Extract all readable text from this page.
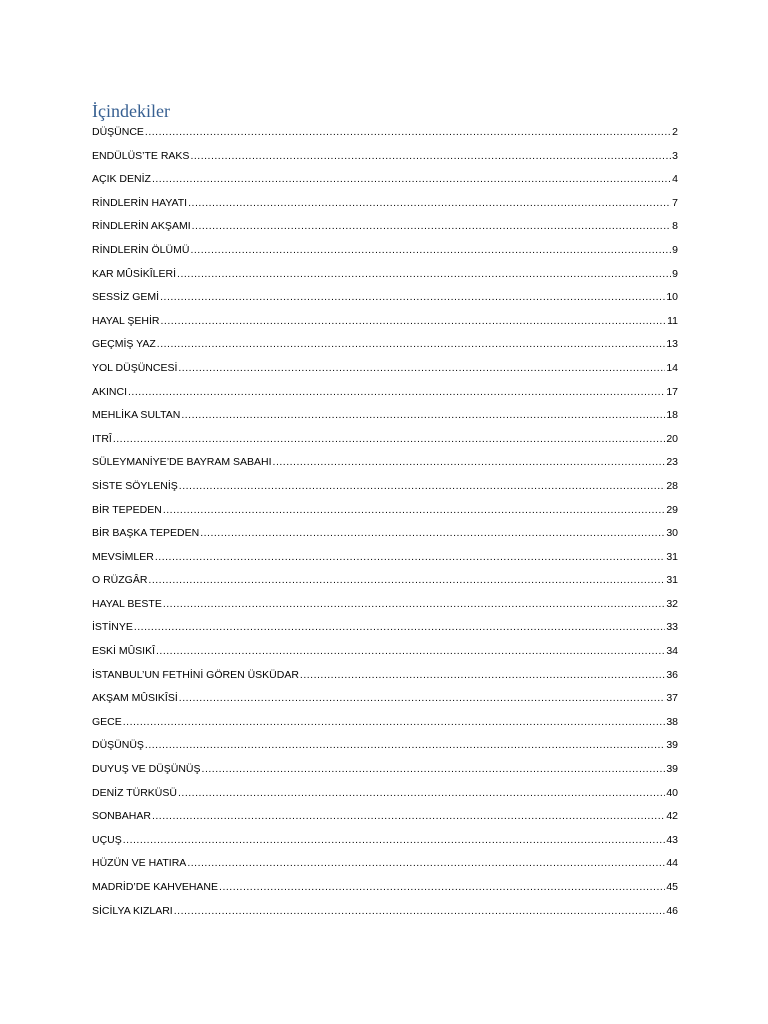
İçindekiler
DÜŞÜNCE .....	2
ENDÜLÜS’TE RAKS .....	3
AÇIK DENİZ .....	4
RİNDLERİN HAYATI .....	7
RİNDLERİN AKŞAMI .....	8
RİNDLERİN ÖLÜMÜ .....	9
KAR MÛSİKÎLERİ .....	9
SESSİZ GEMİ .....	10
HAYAL ŞEHİR .....	11
GEÇMİŞ YAZ .....	13
YOL DÜŞÜNCESİ .....	14
AKINCI .....	17
MEHLİKA SULTAN .....	18
ITRÎ .....	20
SÜLEYMANİYE’DE BAYRAM SABAHI .....	23
SİSTE SÖYLENİŞ .....	28
BİR TEPEDEN .....	29
BİR BAŞKA TEPEDEN .....	30
MEVSİMLER .....	31
O RÜZGÂR .....	31
HAYAL BESTE .....	32
İSTİNYE .....	33
ESKİ MÛSIKÎ .....	34
İSTANBUL’UN FETHİNİ GÖREN ÜSKÜDAR .....	36
AKŞAM MÛSIKÎSİ .....	37
GECE .....	38
DÜŞÜNÜŞ .....	39
DUYUŞ VE DÜŞÜNÜŞ .....	39
DENİZ TÜRKÜSÜ .....	40
SONBAHAR .....	42
UÇUŞ .....	43
HÜZÜN VE HATIRA .....	44
MADRİD’DE KAHVEHANE .....	45
SİCİLYA KIZLARI .....	46
